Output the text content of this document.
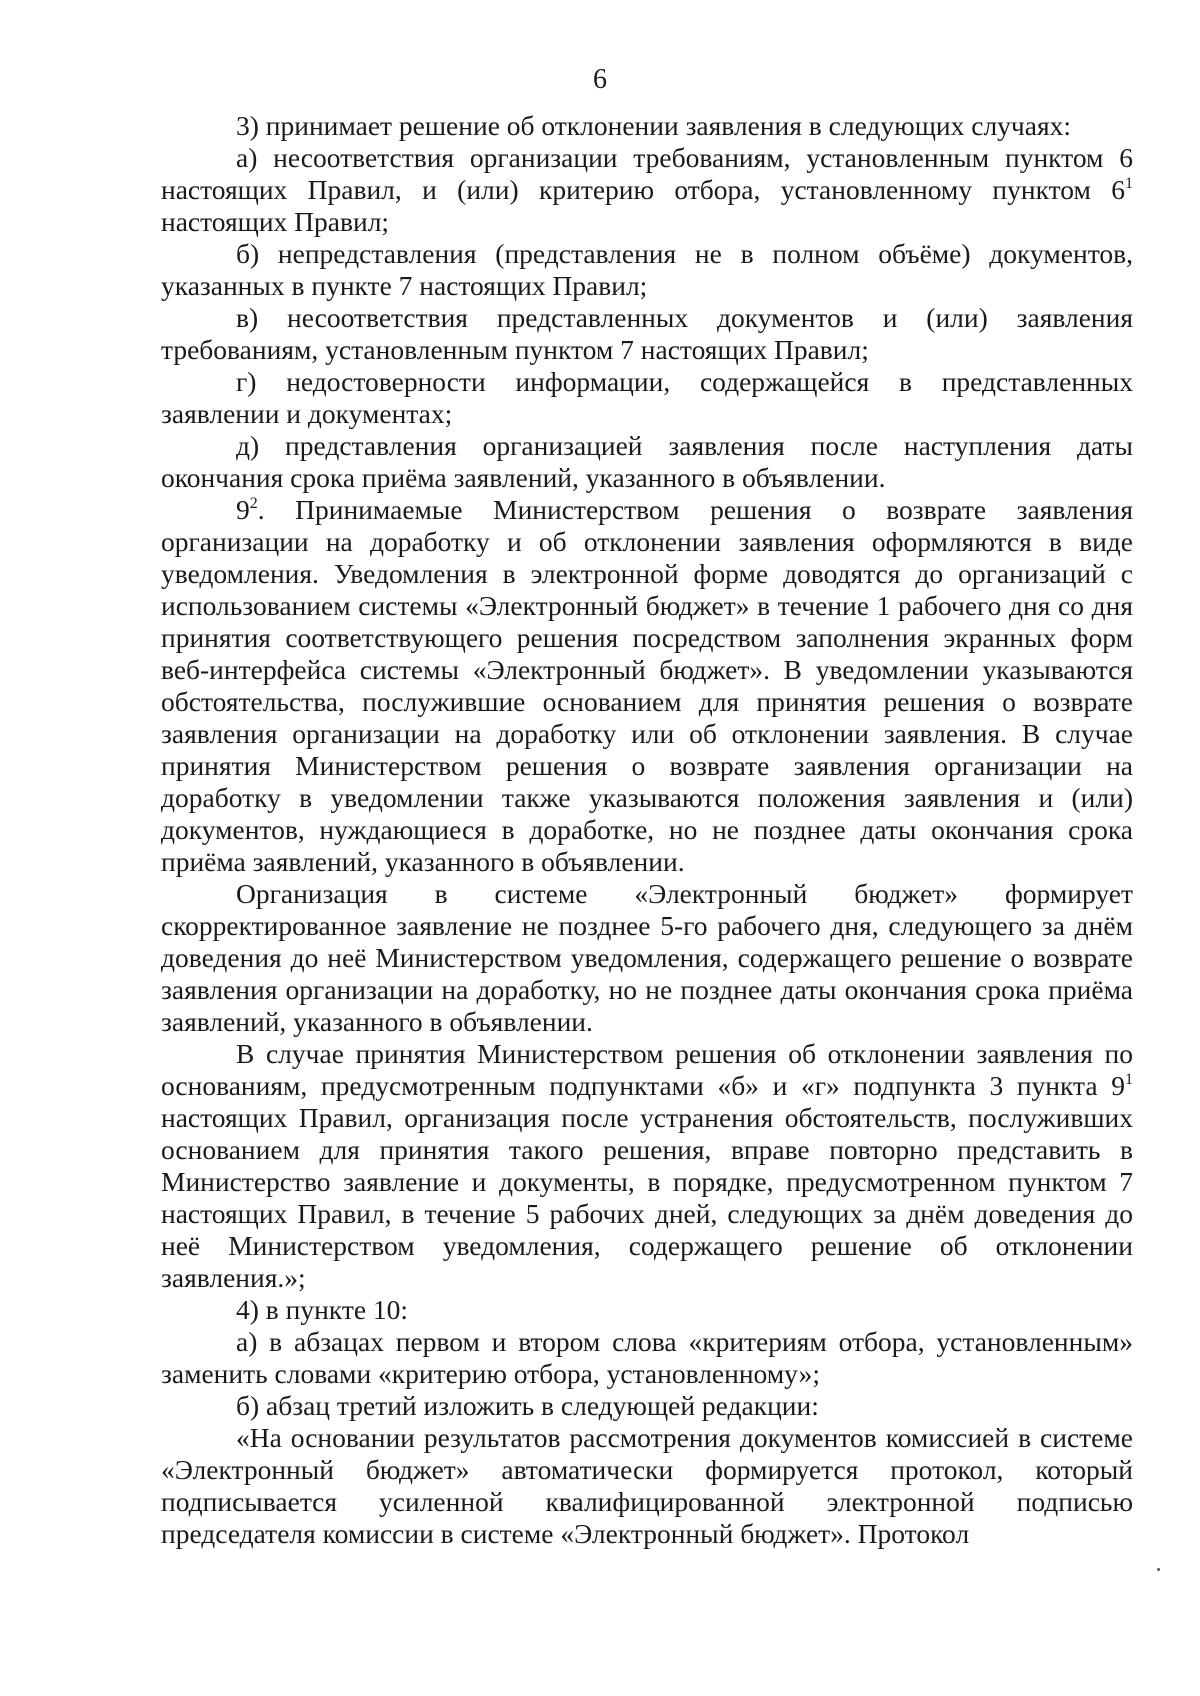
6

3) принимает решение об отклонении заявления в следующих случаях:

а) несоответствия организации требованиям, установленным пунктом 6 настоящих Правил, и (или) критерию отбора, установленному пунктом $6^1$ настоящих Правил;

б) непредставления (представления не в полном объёме) документов, указанных в пункте 7 настоящих Правил;

в) несоответствия представленных документов и (или) заявления требованиям, установленным пунктом 7 настоящих Правил;

г) недостоверности информации, содержащейся в представленных заявлении и документах;

д) представления организацией заявления после наступления даты окончания срока приёма заявлений, указанного в объявлении.

$9^2$. Принимаемые Министерством решения о возврате заявления организации на доработку и об отклонении заявления оформляются в виде уведомления. Уведомления в электронной форме доводятся до организаций с использованием системы «Электронный бюджет» в течение 1 рабочего дня со дня принятия соответствующего решения посредством заполнения экранных форм веб-интерфейса системы «Электронный бюджет». В уведомлении указываются обстоятельства, послужившие основанием для принятия решения о возврате заявления организации на доработку или об отклонении заявления. В случае принятия Министерством решения о возврате заявления организации на доработку в уведомлении также указываются положения заявления и (или) документов, нуждающиеся в доработке, но не позднее даты окончания срока приёма заявлений, указанного в объявлении.

Организация в системе «Электронный бюджет» формирует скорректированное заявление не позднее 5-го рабочего дня, следующего за днём доведения до неё Министерством уведомления, содержащего решение о возврате заявления организации на доработку, но не позднее даты окончания срока приёма заявлений, указанного в объявлении.

В случае принятия Министерством решения об отклонении заявления по основаниям, предусмотренным подпунктами «б» и «г» подпункта 3 пункта $9^1$ настоящих Правил, организация после устранения обстоятельств, послуживших основанием для принятия такого решения, вправе повторно представить в Министерство заявление и документы, в порядке, предусмотренном пунктом 7 настоящих Правил, в течение 5 рабочих дней, следующих за днём доведения до неё Министерством уведомления, содержащего решение об отклонении заявления.»;

4) в пункте 10:

а) в абзацах первом и втором слова «критериям отбора, установленным» заменить словами «критерию отбора, установленному»;

б) абзац третий изложить в следующей редакции:

«На основании результатов рассмотрения документов комиссией в системе «Электронный бюджет» автоматически формируется протокол, который подписывается усиленной квалифицированной электронной подписью председателя комиссии в системе «Электронный бюджет». Протокол
